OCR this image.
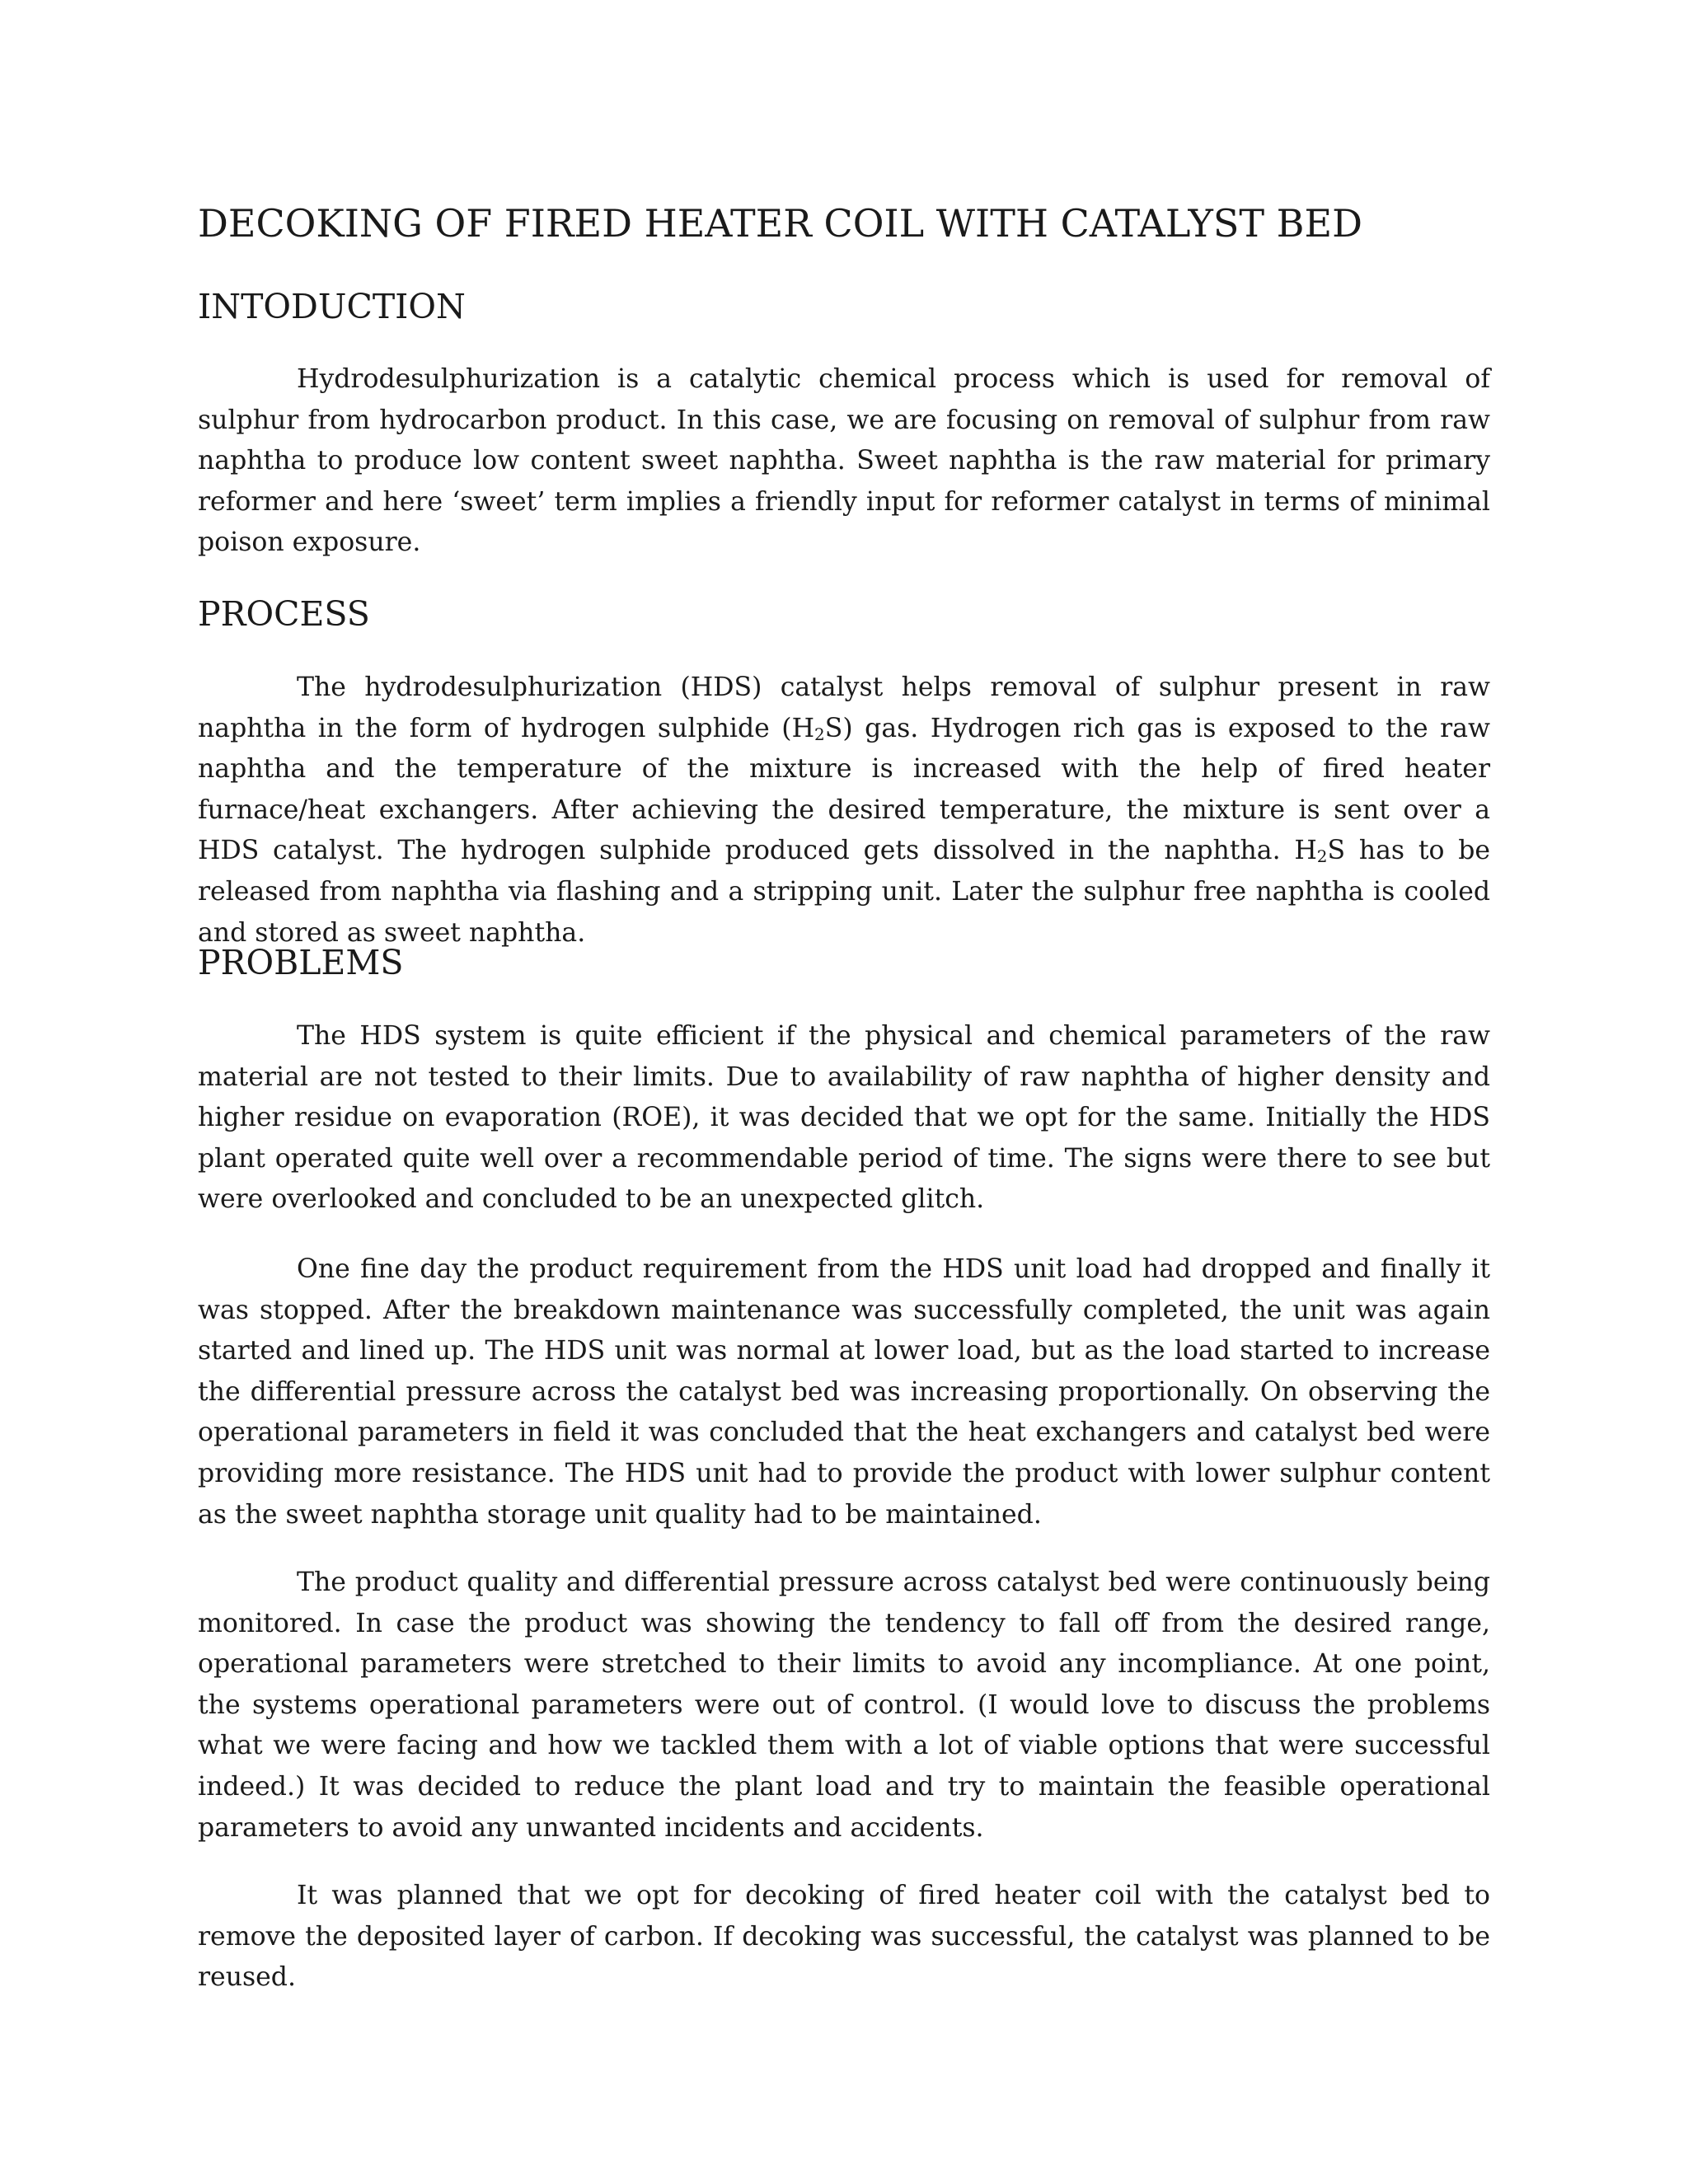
DECOKING OF FIRED HEATER COIL WITH CATALYST BED
INTODUCTION

Hydrodesulphurization is a catalytic chemical process which is used for removal of sulphur from hydrocarbon product. In this case, we are focusing on removal of sulphur from raw naphtha to produce low content sweet naphtha. Sweet naphtha is the raw material for primary reformer and here ‘sweet’ term implies a friendly input for reformer catalyst in terms of minimal poison exposure.

PROCESS

The hydrodesulphurization (HDS) catalyst helps removal of sulphur present in raw naphtha in the form of hydrogen sulphide $(H_2S)$ gas. Hydrogen rich gas is exposed to the raw naphtha and the temperature of the mixture is increased with the help of fired heater furnace/heat exchangers. After achieving the desired temperature, the mixture is sent over a HDS catalyst. The hydrogen sulphide produced gets dissolved in the naphtha. $H_2S$ has to be released from naphtha via flashing and a stripping unit. Later the sulphur free naphtha is cooled and stored as sweet naphtha.

PROBLEMS

The HDS system is quite efficient if the physical and chemical parameters of the raw material are not tested to their limits. Due to availability of raw naphtha of higher density and higher residue on evaporation (ROE), it was decided that we opt for the same. Initially the HDS plant operated quite well over a recommendable period of time. The signs were there to see but were overlooked and concluded to be an unexpected glitch.

One fine day the product requirement from the HDS unit load had dropped and finally it was stopped. After the breakdown maintenance was successfully completed, the unit was again started and lined up. The HDS unit was normal at lower load, but as the load started to increase the differential pressure across the catalyst bed was increasing proportionally. On observing the operational parameters in field it was concluded that the heat exchangers and catalyst bed were providing more resistance. The HDS unit had to provide the product with lower sulphur content as the sweet naphtha storage unit quality had to be maintained.

The product quality and differential pressure across catalyst bed were continuously being monitored. In case the product was showing the tendency to fall off from the desired range, operational parameters were stretched to their limits to avoid any incompliance. At one point, the systems operational parameters were out of control. (I would love to discuss the problems what we were facing and how we tackled them with a lot of viable options that were successful indeed.) It was decided to reduce the plant load and try to maintain the feasible operational parameters to avoid any unwanted incidents and accidents.

It was planned that we opt for decoking of fired heater coil with the catalyst bed to remove the deposited layer of carbon. If decoking was successful, the catalyst was planned to be reused.
